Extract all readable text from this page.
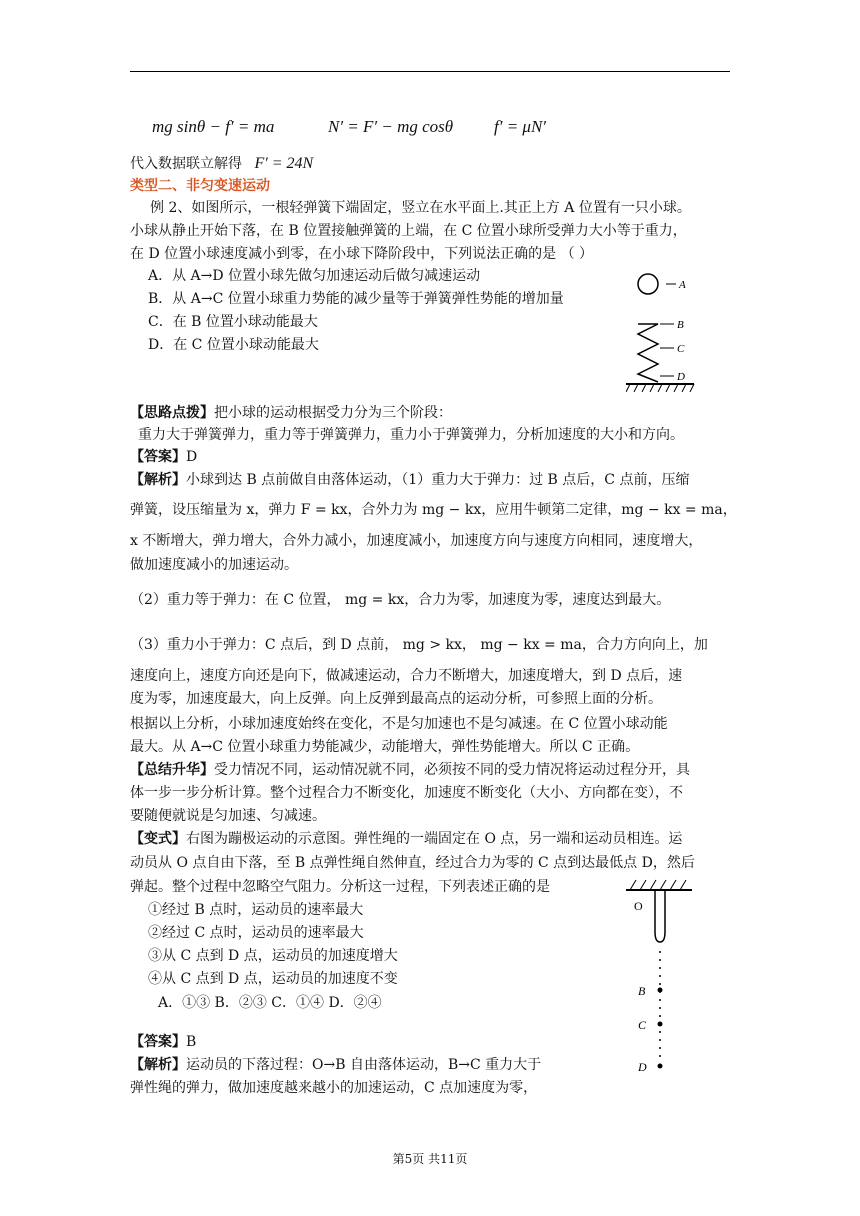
mg sinθ − f′ = ma	N′ = F′ − mg cosθ f′ = μN′
代入数据联立解得 F′ = 24N
类型二、非匀变速运动
例 2、如图所示，一根轻弹簧下端固定，竖立在水平面上.其正上方 A 位置有一只小球。
小球从静止开始下落，在 B 位置接触弹簧的上端，在 C 位置小球所受弹力大小等于重力，
在 D 位置小球速度减小到零，在小球下降阶段中，下列说法正确的是 （ ）
A．从 A→D 位置小球先做匀加速运动后做匀减速运动
B．从 A→C 位置小球重力势能的减少量等于弹簧弹性势能的增加量
C．在 B 位置小球动能最大
D．在 C 位置小球动能最大
A
B
C
D
【思路点拨】把小球的运动根据受力分为三个阶段：
重力大于弹簧弹力，重力等于弹簧弹力，重力小于弹簧弹力，分析加速度的大小和方向。
【答案】D
【解析】小球到达 B 点前做自由落体运动，（1）重力大于弹力：过 B 点后，C 点前，压缩
弹簧，设压缩量为 x，弹力 F = kx，合外力为 mg − kx，应用牛顿第二定律，mg − kx = ma，
x 不断增大，弹力增大，合外力减小，加速度减小，加速度方向与速度方向相同，速度增大，
做加速度减小的加速运动。
（2）重力等于弹力：在 C 位置， mg = kx，合力为零，加速度为零，速度达到最大。
（3）重力小于弹力：C 点后，到 D 点前， mg > kx， mg − kx = ma，合力方向向上，加
速度向上，速度方向还是向下，做减速运动，合力不断增大，加速度增大，到 D 点后，速
度为零，加速度最大，向上反弹。向上反弹到最高点的运动分析，可参照上面的分析。
根据以上分析，小球加速度始终在变化，不是匀加速也不是匀减速。在 C 位置小球动能
最大。从 A→C 位置小球重力势能减少，动能增大，弹性势能增大。所以 C 正确。
【总结升华】受力情况不同，运动情况就不同，必须按不同的受力情况将运动过程分开，具
体一步一步分析计算。整个过程合力不断变化，加速度不断变化（大小、方向都在变），不
要随便就说是匀加速、匀减速。
【变式】右图为蹦极运动的示意图。弹性绳的一端固定在 O 点，另一端和运动员相连。运
动员从 O 点自由下落，至 B 点弹性绳自然伸直，经过合力为零的 C 点到达最低点 D，然后
弹起。整个过程中忽略空气阻力。分析这一过程，下列表述正确的是
①经过 B 点时，运动员的速率最大
②经过 C 点时，运动员的速率最大
③从 C 点到 D 点，运动员的加速度增大
④从 C 点到 D 点，运动员的加速度不变
A．①③ B．②③ C．①④ D．②④
O
B
C
D
【答案】B
【解析】运动员的下落过程：O→B 自由落体运动，B→C 重力大于
弹性绳的弹力，做加速度越来越小的加速运动，C 点加速度为零，
第5页 共11页
